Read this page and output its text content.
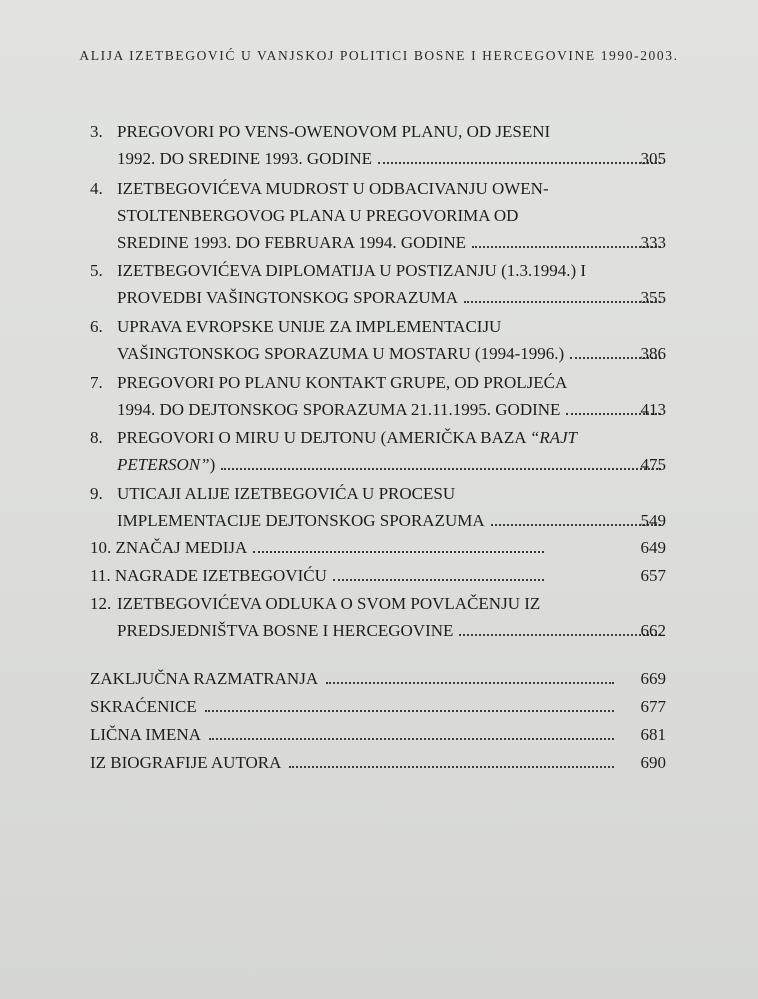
ALIJA IZETBEGOVIĆ U VANJSKOJ POLITICI BOSNE I HERCEGOVINE 1990-2003.
3. PREGOVORI PO VENS-OWENOVOM PLANU, OD JESENI
1992. DO SREDINE 1993. GODINE	305
4. IZETBEGOVIĆEVA MUDROST U ODBACIVANJU OWEN-
STOLTENBERGOVOG PLANA U PREGOVORIMA OD
SREDINE 1993. DO FEBRUARA 1994. GODINE	333
5. IZETBEGOVIĆEVA DIPLOMATIJA U POSTIZANJU (1.3.1994.) I
PROVEDBI VAŠINGTONSKOG SPORAZUMA	355
6. UPRAVA EVROPSKE UNIJE ZA IMPLEMENTACIJU
VAŠINGTONSKOG SPORAZUMA U MOSTARU (1994-1996.)	386
7. PREGOVORI PO PLANU KONTAKT GRUPE, OD PROLJEĆA
1994. DO DEJTONSKOG SPORAZUMA 21.11.1995. GODINE	413
8. PREGOVORI O MIRU U DEJTONU (AMERIČKA BAZA “RAJT
PETERSON”)	475
9. UTICAJI ALIJE IZETBEGOVIĆA U PROCESU
IMPLEMENTACIJE DEJTONSKOG SPORAZUMA	549
10. ZNAČAJ MEDIJA	649
11. NAGRADE IZETBEGOVIĆU	657
12. IZETBEGOVIĆEVA ODLUKA O SVOM POVLAČENJU IZ
PREDSJEDNIŠTVA BOSNE I HERCEGOVINE	662
ZAKLJUČNA RAZMATRANJA	669
SKRAĆENICE	677
LIČNA IMENA	681
IZ BIOGRAFIJE AUTORA	690
